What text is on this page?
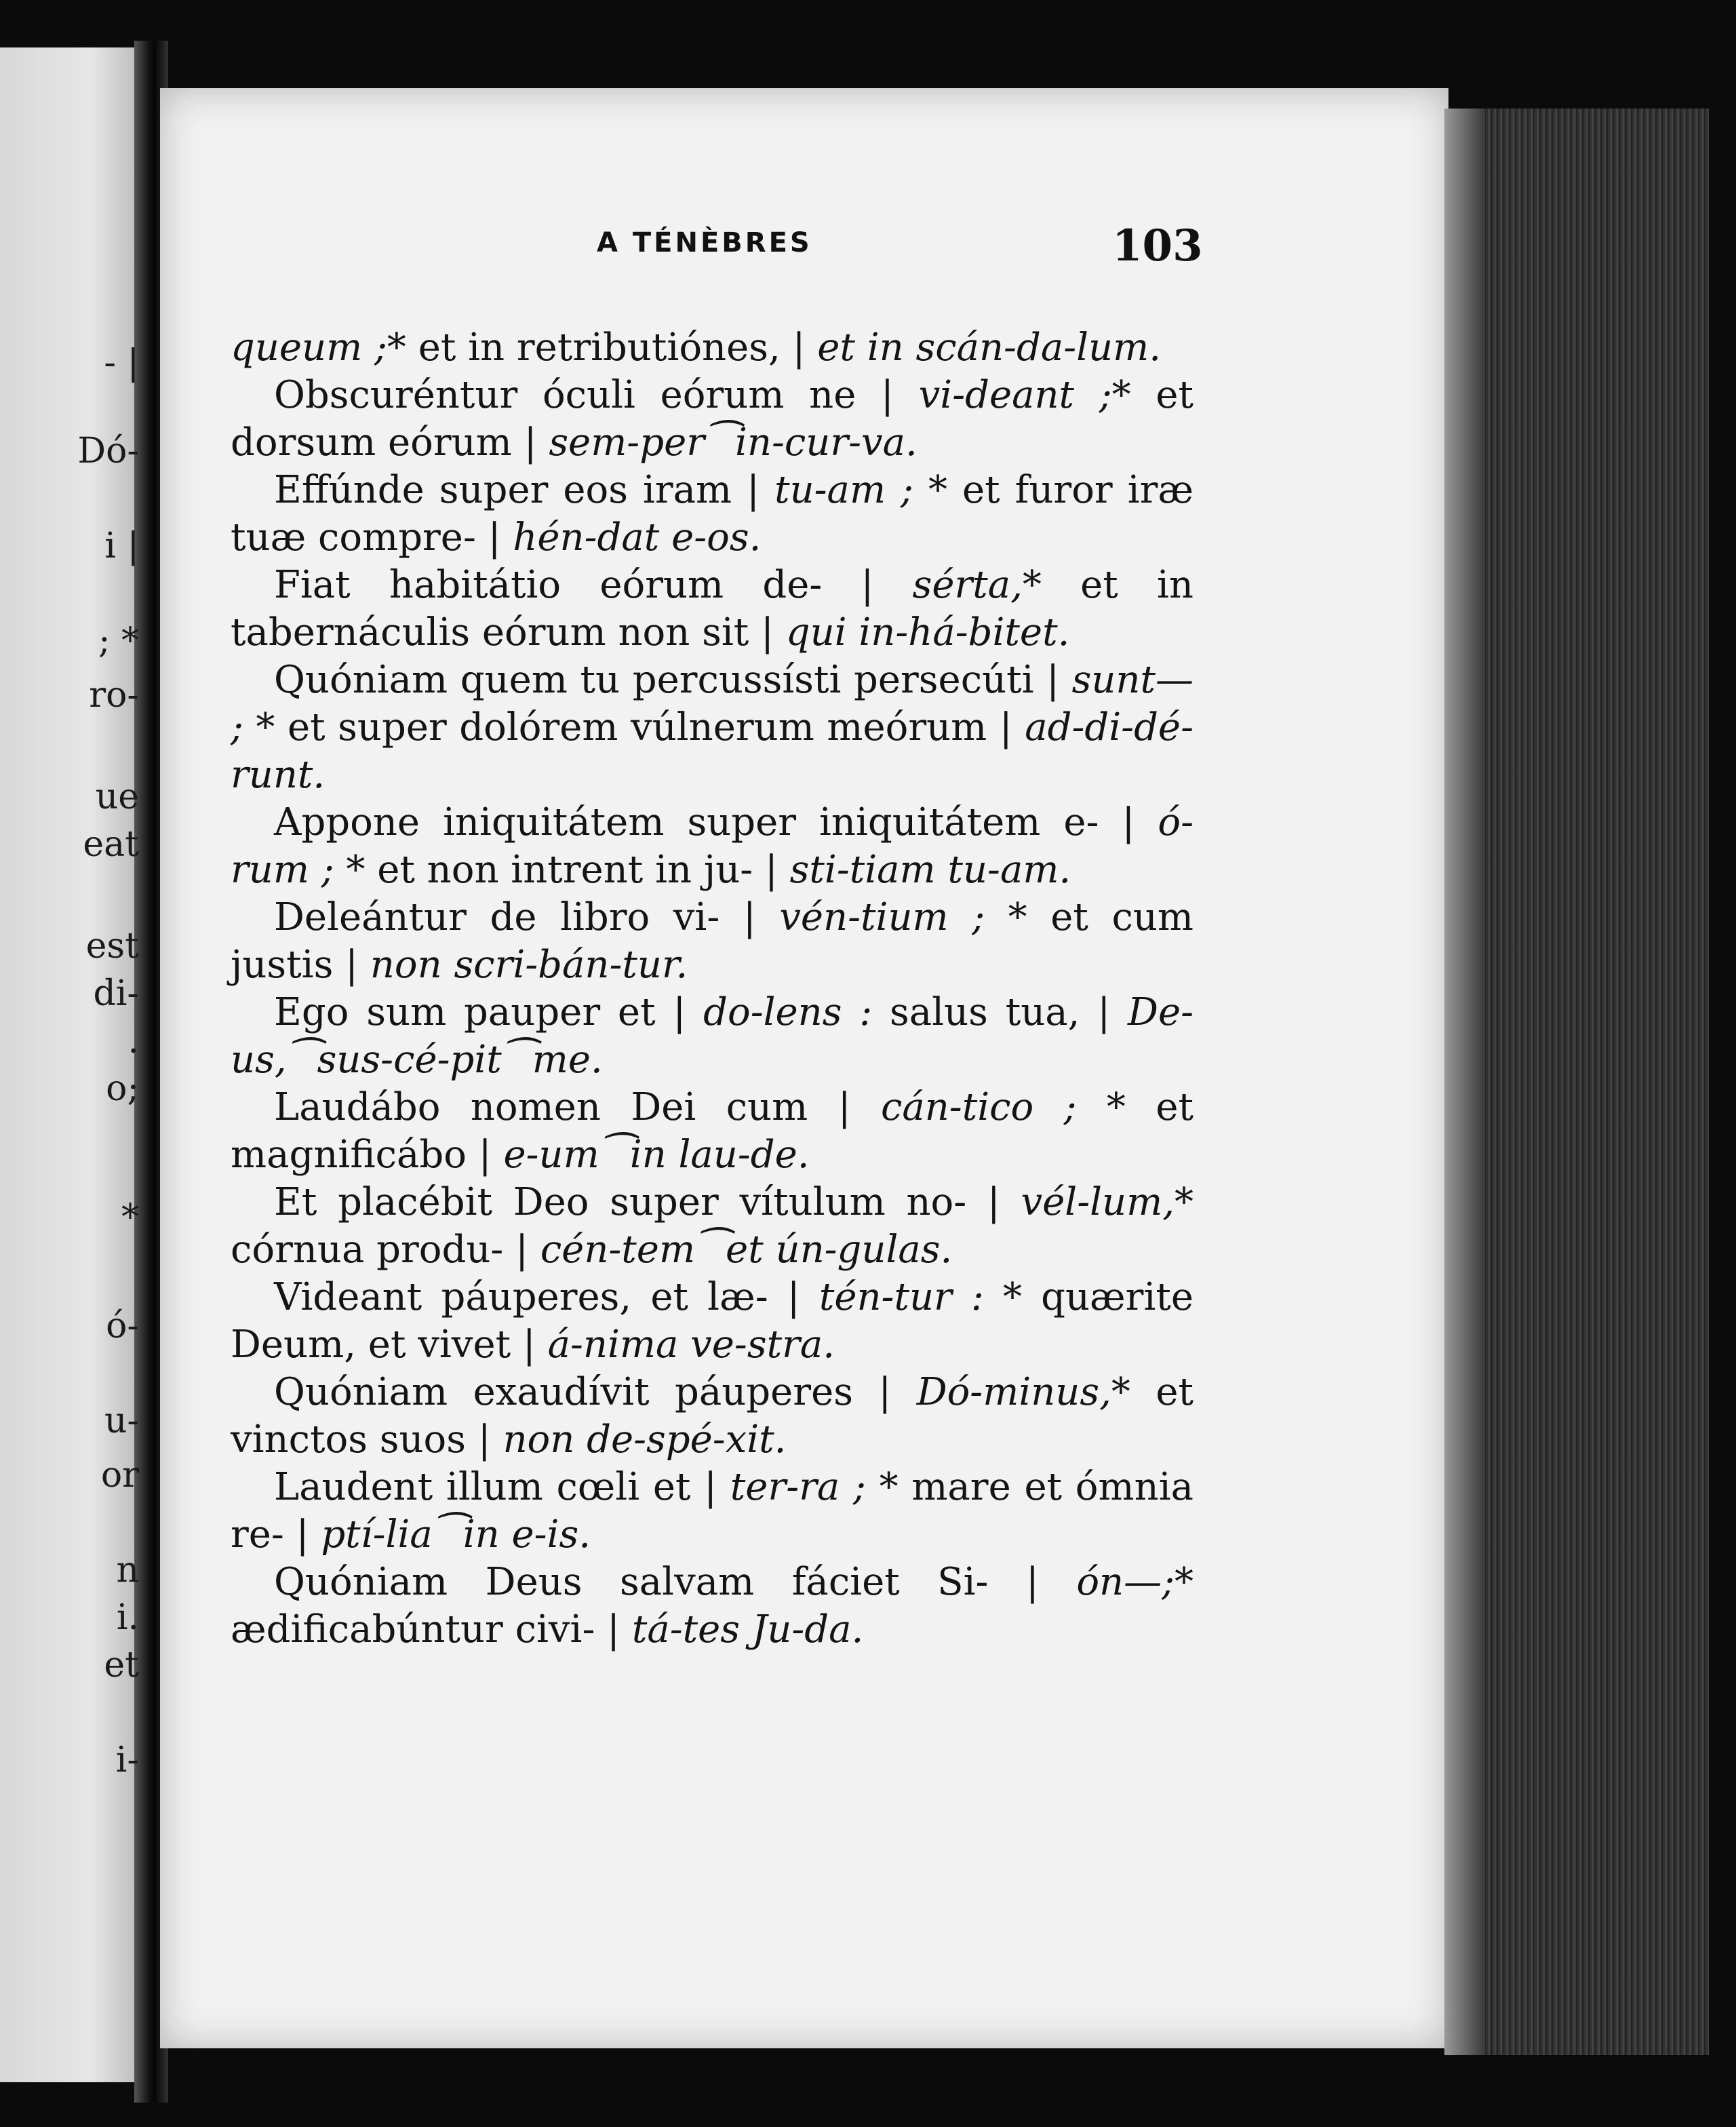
- |
Dó-
i |
; *
ro-
ue
eat
est
di-
.
o;
*
ó-
u-
or
n
i.
et
i-
A TÉNÈBRES	103

queum ;* et in retributiónes, | et in scán-da-lum.

Obscuréntur óculi eórum ne | vi-deant ;* et dorsum eórum | sem-per⁀in-cur-va.

Effúnde super eos iram | tu-am ; * et furor iræ tuæ compre- | hén-dat e-os.

Fiat habitátio eórum de- | sérta,* et in tabernáculis eórum non sit | qui in-há-bitet.

Quóniam quem tu percussísti persecúti | sunt— ; * et super dolórem vúlnerum meórum | ad-di-dé-runt.

Appone iniquitátem super iniquitátem e- | ó-rum ; * et non intrent in ju- | sti-tiam tu-am.

Deleántur de libro vi- | vén-tium ; * et cum justis | non scri-bán-tur.

Ego sum pauper et | do-lens : salus tua, | De-us,⁀sus-cé-pit⁀me.

Laudábo nomen Dei cum | cán-tico ; * et magnificábo | e-um⁀in lau-de.

Et placébit Deo super vítulum no- | vél-lum,* córnua produ- | cén-tem⁀et ún-gulas.

Videant páuperes, et læ- | tén-tur : * quærite Deum, et vivet | á-nima ve-stra.

Quóniam exaudívit páuperes | Dó-minus,* et vinctos suos | non de-spé-xit.

Laudent illum cœli et | ter-ra ; * mare et ómnia re- | ptí-lia⁀in e-is.

Quóniam Deus salvam fáciet Si- | ón—;* ædificabúntur civi- | tá-tes Ju-da.
